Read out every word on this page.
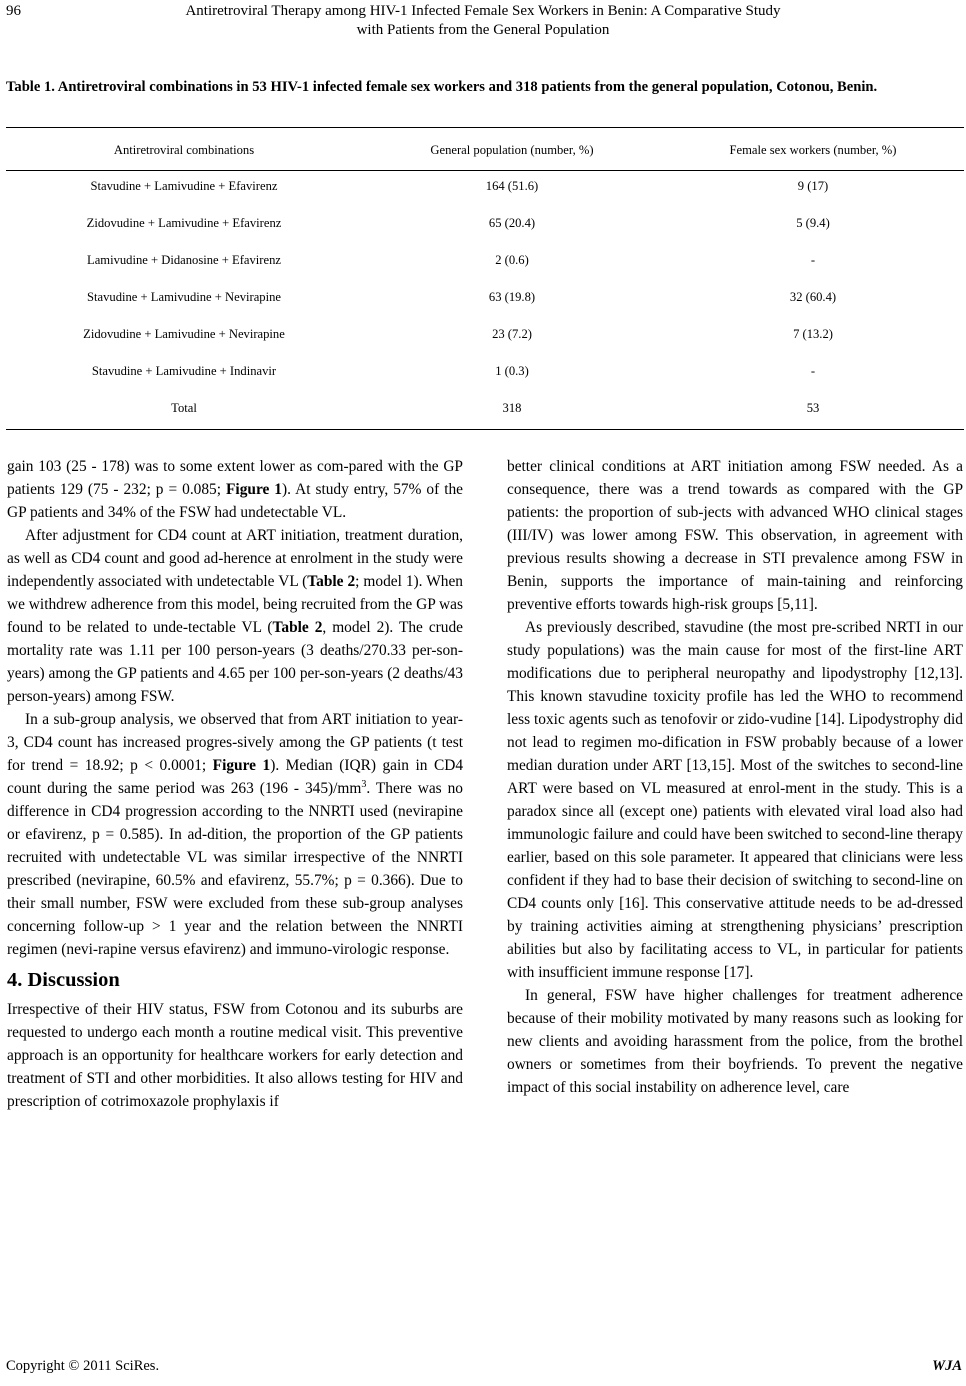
96	Antiretroviral Therapy among HIV-1 Infected Female Sex Workers in Benin: A Comparative Study
with Patients from the General Population
Table 1. Antiretroviral combinations in 53 HIV-1 infected female sex workers and 318 patients from the general population, Cotonou, Benin.
Antiretroviral combinations	General population (number, %)	Female sex workers (number, %)
Stavudine + Lamivudine + Efavirenz	164 (51.6)	9 (17)
Zidovudine + Lamivudine + Efavirenz	65 (20.4)	5 (9.4)
Lamivudine + Didanosine + Efavirenz	2 (0.6)	-
Stavudine + Lamivudine + Nevirapine	63 (19.8)	32 (60.4)
Zidovudine + Lamivudine + Nevirapine	23 (7.2)	7 (13.2)
Stavudine + Lamivudine + Indinavir	1 (0.3)	-
Total	318	53

gain 103 (25 - 178) was to some extent lower as com-pared with the GP patients 129 (75 - 232; p = 0.085; Figure 1). At study entry, 57% of the GP patients and 34% of the FSW had undetectable VL.

After adjustment for CD4 count at ART initiation, treatment duration, as well as CD4 count and good ad-herence at enrolment in the study were independently associated with undetectable VL (Table 2; model 1). When we withdrew adherence from this model, being recruited from the GP was found to be related to unde-tectable VL (Table 2, model 2). The crude mortality rate was 1.11 per 100 person-years (3 deaths/270.33 per-son-years) among the GP patients and 4.65 per 100 per-son-years (2 deaths/43 person-years) among FSW.

In a sub-group analysis, we observed that from ART initiation to year-3, CD4 count has increased progres-sively among the GP patients (t test for trend = 18.92; p < 0.0001; Figure 1). Median (IQR) gain in CD4 count during the same period was 263 $(196 - 345)/mm^3$. There was no difference in CD4 progression according to the NNRTI used (nevirapine or efavirenz, p = 0.585). In ad-dition, the proportion of the GP patients recruited with undetectable VL was similar irrespective of the NNRTI prescribed (nevirapine, 60.5% and efavirenz, 55.7%; p = 0.366). Due to their small number, FSW were excluded from these sub-group analyses concerning follow-up > 1 year and the relation between the NNRTI regimen (nevi-rapine versus efavirenz) and immuno-virologic response.

4. Discussion

Irrespective of their HIV status, FSW from Cotonou and its suburbs are requested to undergo each month a routine medical visit. This preventive approach is an opportunity for healthcare workers for early detection and treatment of STI and other morbidities. It also allows testing for HIV and prescription of cotrimoxazole prophylaxis if

better clinical conditions at ART initiation among FSW needed. As a consequence, there was a trend towards as compared with the GP patients: the proportion of sub-jects with advanced WHO clinical stages (III/IV) was lower among FSW. This observation, in agreement with previous results showing a decrease in STI prevalence among FSW in Benin, supports the importance of main-taining and reinforcing preventive efforts towards high-risk groups [5,11].

As previously described, stavudine (the most pre-scribed NRTI in our study populations) was the main cause for most of the first-line ART modifications due to peripheral neuropathy and lipodystrophy [12,13]. This known stavudine toxicity profile has led the WHO to recommend less toxic agents such as tenofovir or zido-vudine [14]. Lipodystrophy did not lead to regimen mo-dification in FSW probably because of a lower median duration under ART [13,15]. Most of the switches to second-line ART were based on VL measured at enrol-ment in the study. This is a paradox since all (except one) patients with elevated viral load also had immunologic failure and could have been switched to second-line therapy earlier, based on this sole parameter. It appeared that clinicians were less confident if they had to base their decision of switching to second-line on CD4 counts only [16]. This conservative attitude needs to be ad-dressed by training activities aiming at strengthening physicians’ prescription abilities but also by facilitating access to VL, in particular for patients with insufficient immune response [17].

In general, FSW have higher challenges for treatment adherence because of their mobility motivated by many reasons such as looking for new clients and avoiding harassment from the police, from the brothel owners or sometimes from their boyfriends. To prevent the negative impact of this social instability on adherence level, care

Copyright © 2011 SciRes.	WJA
